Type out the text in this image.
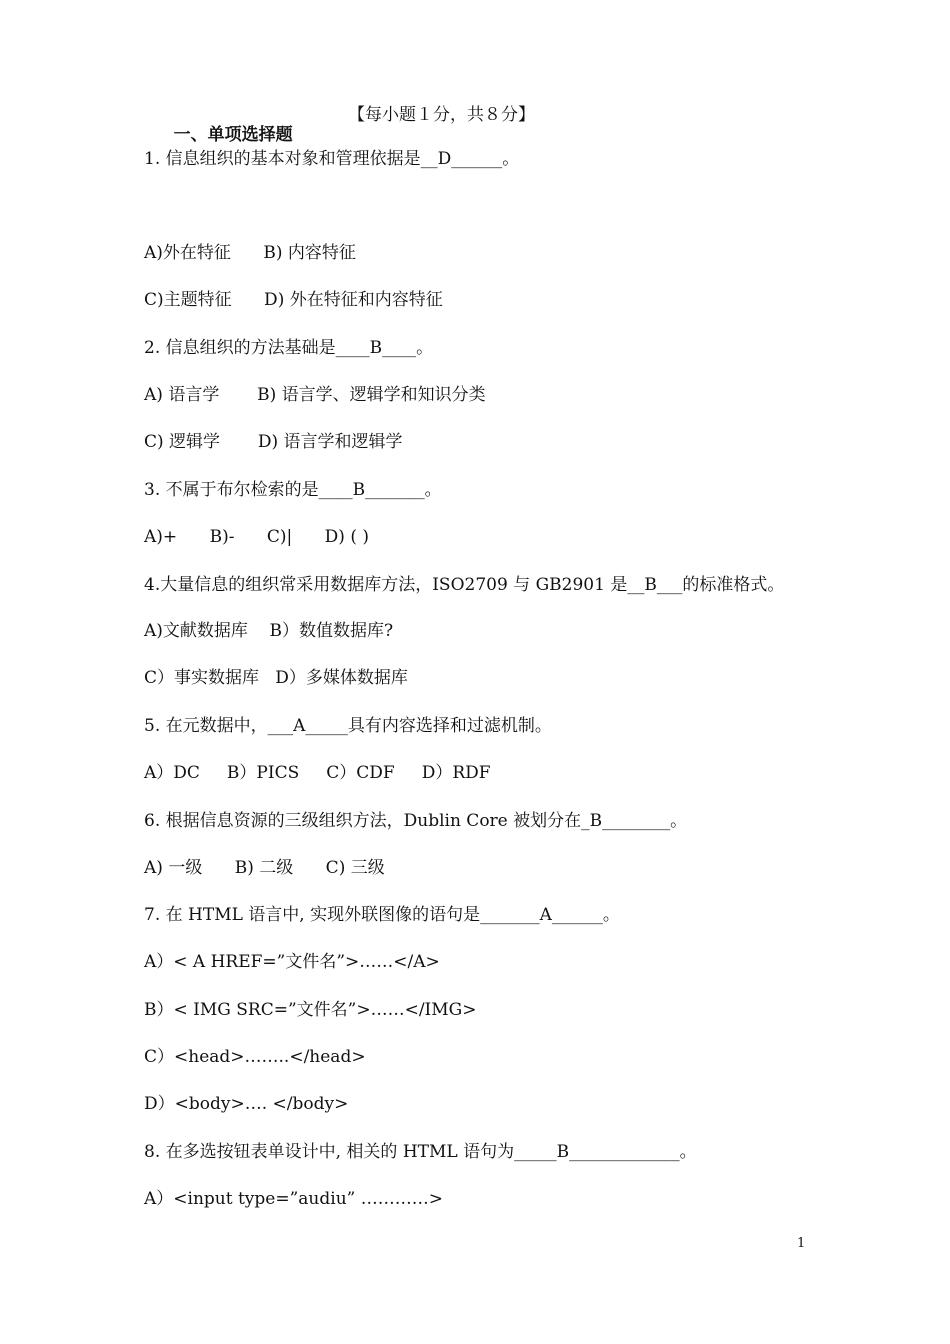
一、单项选择题

【每小题１分，共８分】

1. 信息组织的基本对象和管理依据是__D______。
A)外在特征      B) 内容特征
C)主题特征      D) 外在特征和内容特征
2. 信息组织的方法基础是____B____。
A) 语言学       B) 语言学、逻辑学和知识分类
C) 逻辑学       D) 语言学和逻辑学
3. 不属于布尔检索的是____B_______。
A)+      B)-      C)|      D) ( )
4.大量信息的组织常采用数据库方法，ISO2709 与 GB2901 是__B___的标准格式。
A)文献数据库    B）数值数据库?
C）事实数据库   D）多媒体数据库
5. 在元数据中，___A_____具有内容选择和过滤机制。
A）DC     B）PICS     C）CDF     D）RDF
6. 根据信息资源的三级组织方法，Dublin Core 被划分在_B________。
A) 一级      B) 二级      C) 三级
7. 在 HTML 语言中, 实现外联图像的语句是_______A______。
A）< A HREF=”文件名”>……</A>
B）< IMG SRC=”文件名”>……</IMG>
C）<head>……..</head>
D）<body>…. </body>
8. 在多选按钮表单设计中, 相关的 HTML 语句为_____B_____________。
A）<input type=”audiu” …………>
1
